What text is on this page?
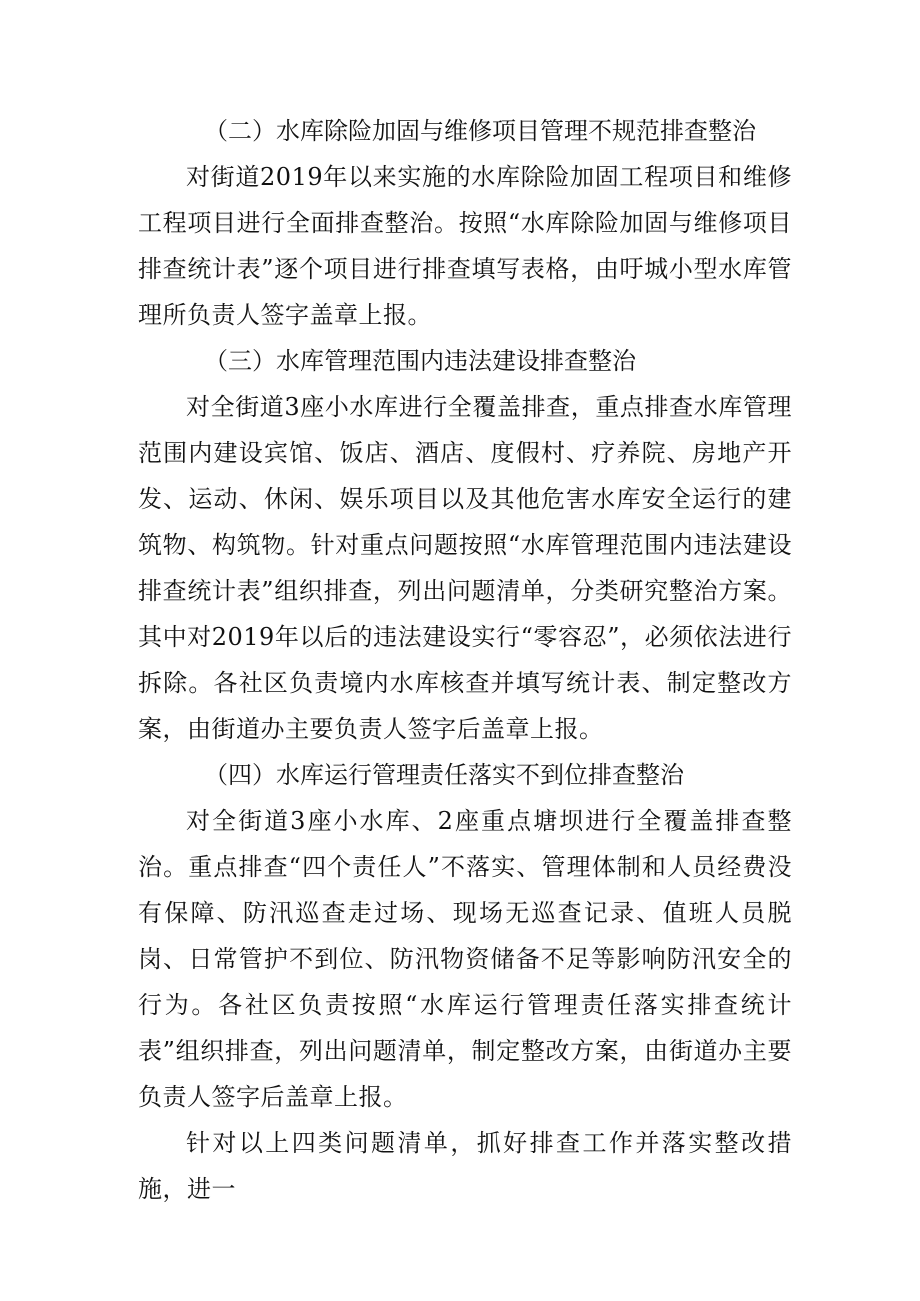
（二）水库除险加固与维修项目管理不规范排查整治

对街道2019年以来实施的水库除险加固工程项目和维修工程项目进行全面排查整治。按照“水库除险加固与维修项目排查统计表”逐个项目进行排查填写表格，由吁城小型水库管理所负责人签字盖章上报。

（三）水库管理范围内违法建设排查整治

对全街道3座小水库进行全覆盖排查，重点排查水库管理范围内建设宾馆、饭店、酒店、度假村、疗养院、房地产开发、运动、休闲、娱乐项目以及其他危害水库安全运行的建筑物、构筑物。针对重点问题按照“水库管理范围内违法建设排查统计表”组织排查，列出问题清单，分类研究整治方案。其中对2019年以后的违法建设实行“零容忍”，必须依法进行拆除。各社区负责境内水库核查并填写统计表、制定整改方案，由街道办主要负责人签字后盖章上报。

（四）水库运行管理责任落实不到位排查整治

对全街道3座小水库、2座重点塘坝进行全覆盖排查整治。重点排查“四个责任人”不落实、管理体制和人员经费没有保障、防汛巡查走过场、现场无巡查记录、值班人员脱岗、日常管护不到位、防汛物资储备不足等影响防汛安全的行为。各社区负责按照“水库运行管理责任落实排查统计表”组织排查，列出问题清单，制定整改方案，由街道办主要负责人签字后盖章上报。

针对以上四类问题清单，抓好排查工作并落实整改措施，进一
